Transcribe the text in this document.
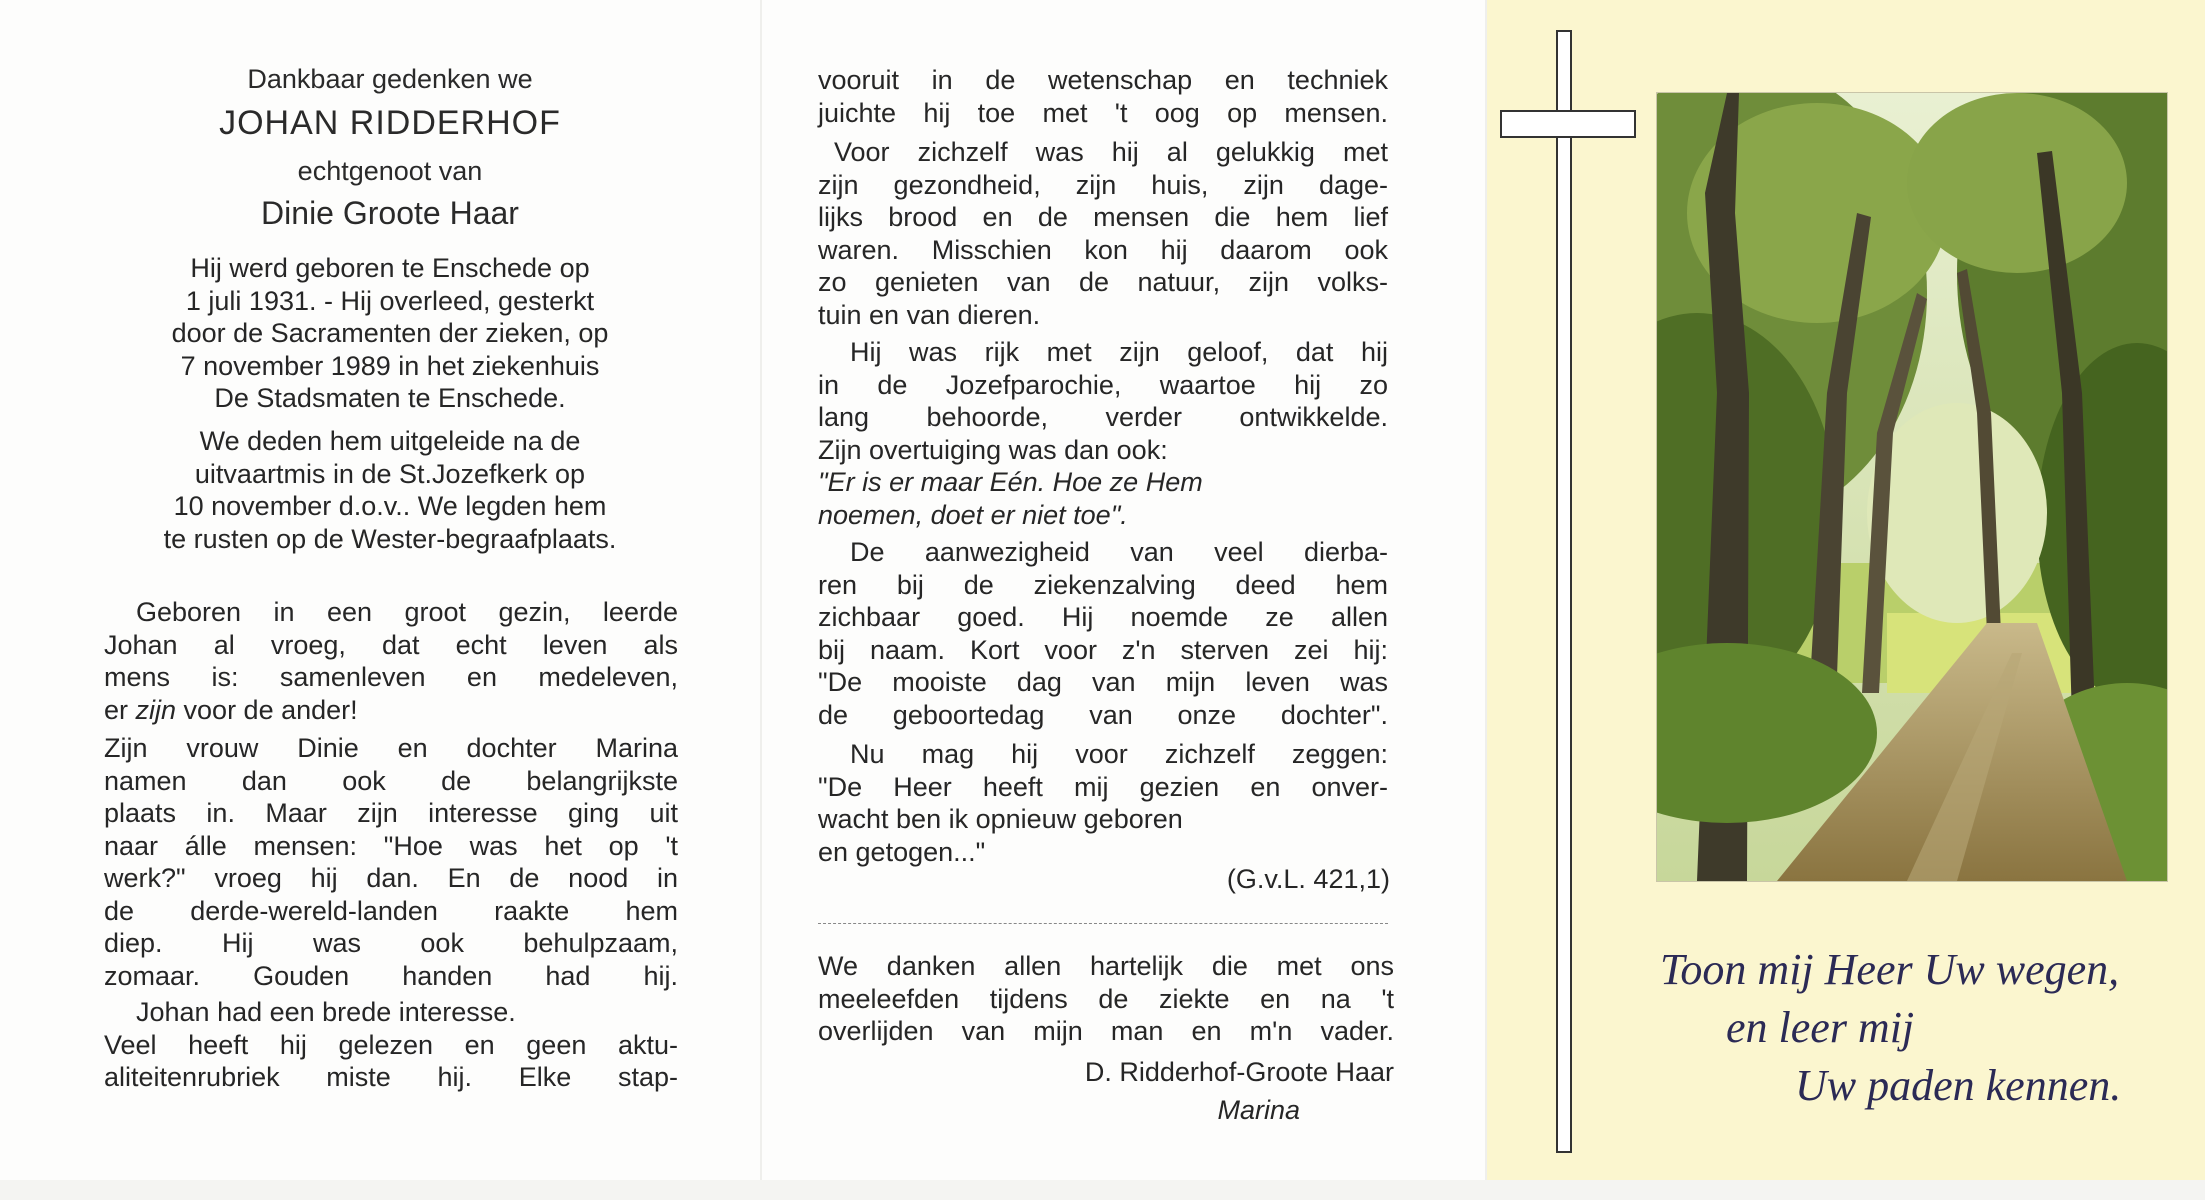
Dankbaar gedenken we
JOHAN RIDDERHOF
echtgenoot van
Dinie Groote Haar
Hij werd geboren te Enschede op
1 juli 1931. - Hij overleed, gesterkt
door de Sacramenten der zieken, op
7 november 1989 in het ziekenhuis
De Stadsmaten te Enschede.
We deden hem uitgeleide na de
uitvaartmis in de St.Jozefkerk op
10 november d.o.v.. We legden hem
te rusten op de Wester-begraafplaats.
Geboren in een groot gezin, leerde
Johan al vroeg, dat echt leven als
mens is: samenleven en medeleven,
er zijn voor de ander!
Zijn vrouw Dinie en dochter Marina
namen dan ook de belangrijkste
plaats in. Maar zijn interesse ging uit
naar álle mensen: "Hoe was het op 't
werk?" vroeg hij dan. En de nood in
de derde-wereld-landen raakte hem
diep. Hij was ook behulpzaam,
zomaar. Gouden handen had hij.
Johan had een brede interesse.
Veel heeft hij gelezen en geen aktu-
aliteitenrubriek miste hij. Elke stap-
vooruit in de wetenschap en techniek
juichte hij toe met 't oog op mensen.
Voor zichzelf was hij al gelukkig met
zijn gezondheid, zijn huis, zijn dage-
lijks brood en de mensen die hem lief
waren. Misschien kon hij daarom ook
zo genieten van de natuur, zijn volks-
tuin en van dieren.
Hij was rijk met zijn geloof, dat hij
in de Jozefparochie, waartoe hij zo
lang behoorde, verder ontwikkelde.
Zijn overtuiging was dan ook:
"Er is er maar Eén. Hoe ze Hem
noemen, doet er niet toe".
De aanwezigheid van veel dierba-
ren bij de ziekenzalving deed hem
zichbaar goed. Hij noemde ze allen
bij naam. Kort voor z'n sterven zei hij:
"De mooiste dag van mijn leven was
de geboortedag van onze dochter".
Nu mag hij voor zichzelf zeggen:
"De Heer heeft mij gezien en onver-
wacht ben ik opnieuw geboren
en getogen..."
(G.v.L. 421,1)
We danken allen hartelijk die met ons
meeleefden tijdens de ziekte en na 't
overlijden van mijn man en m'n vader.
D. Ridderhof-Groote Haar
Marina
Toon mij Heer Uw wegen,
en leer mij
Uw paden kennen.
